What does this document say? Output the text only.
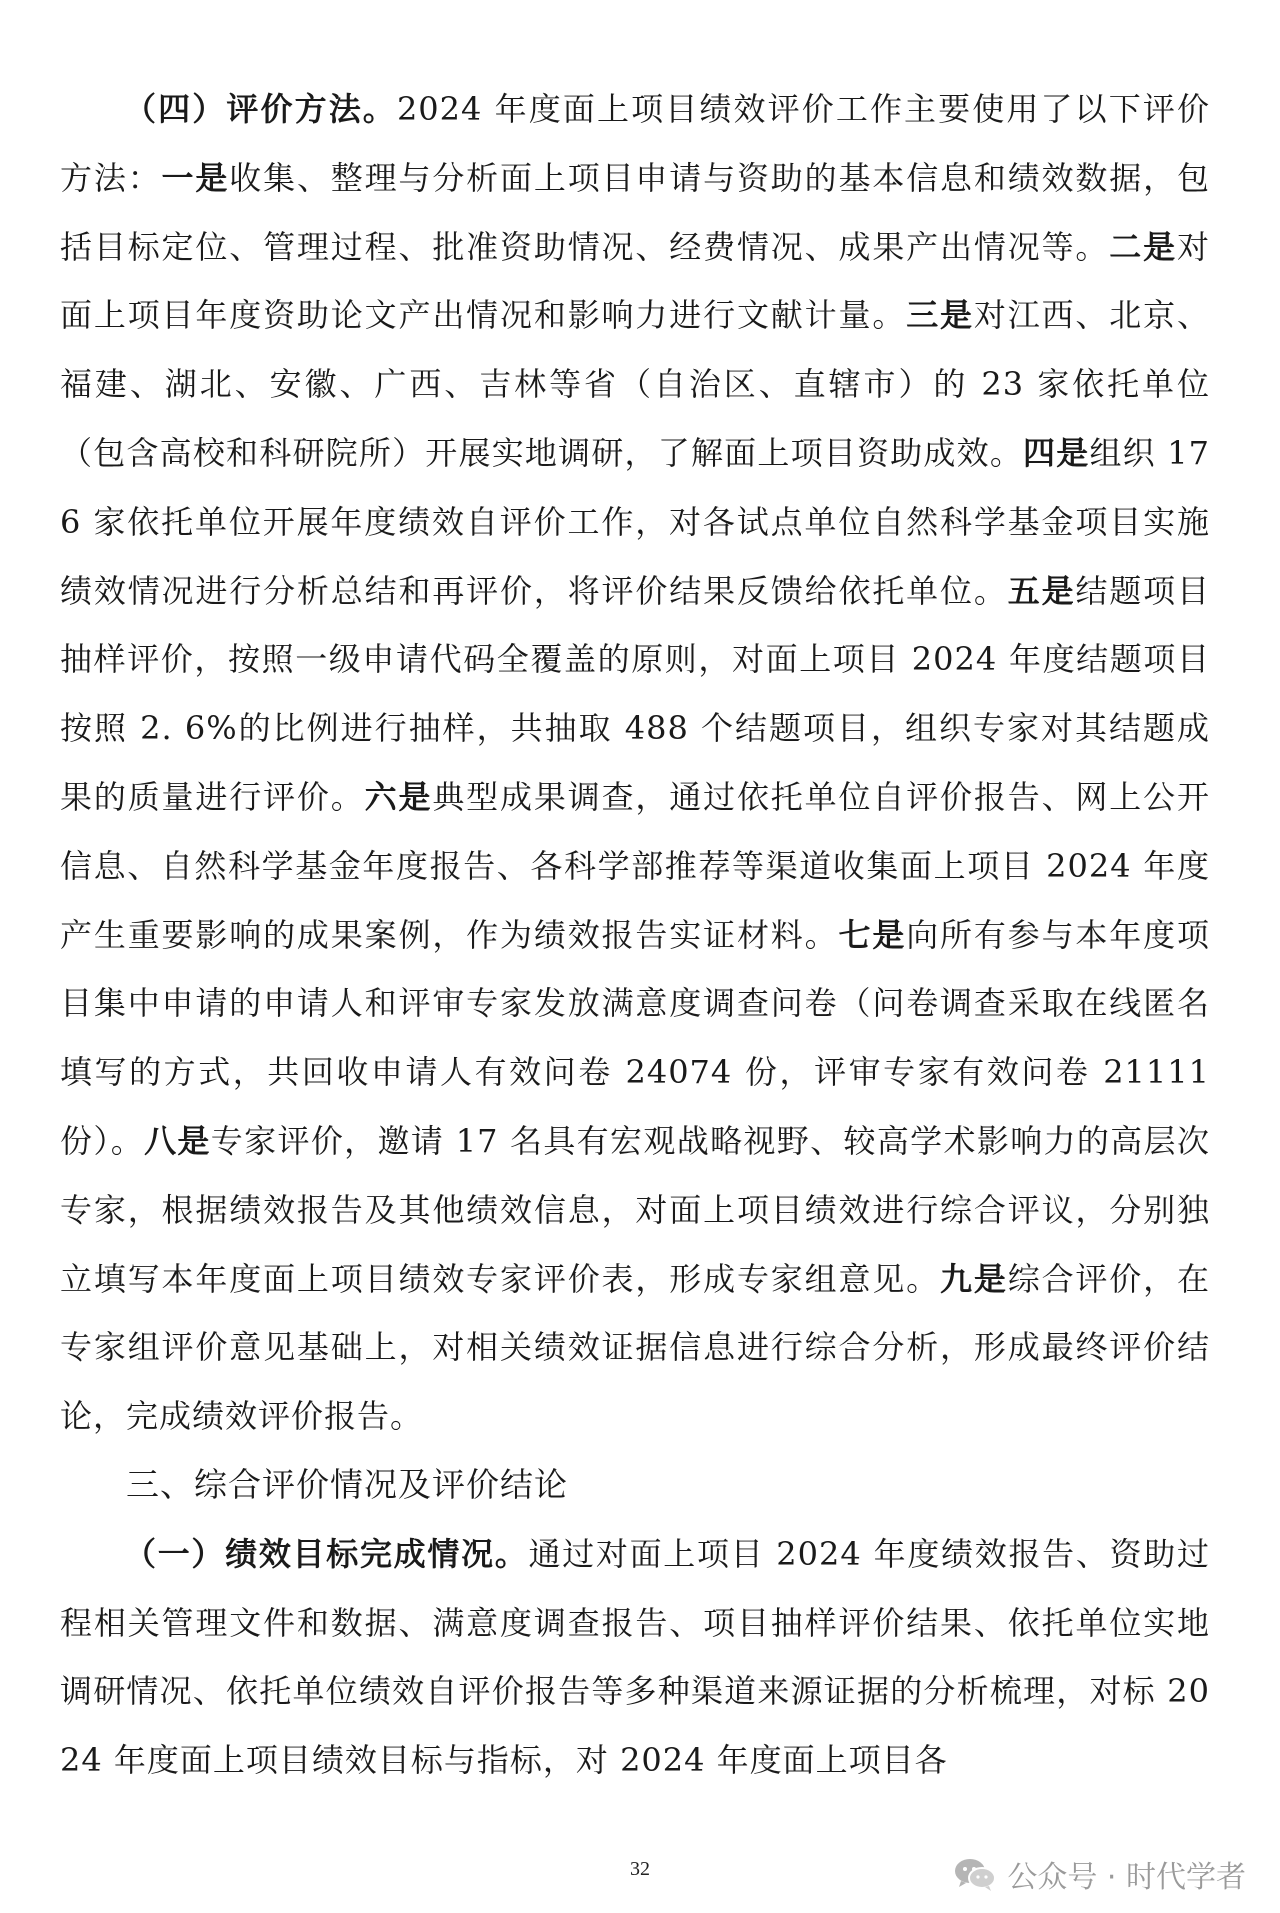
（四）评价方法。2024 年度面上项目绩效评价工作主要使用了以下评价方法：一是收集、整理与分析面上项目申请与资助的基本信息和绩效数据，包括目标定位、管理过程、批准资助情况、经费情况、成果产出情况等。二是对面上项目年度资助论文产出情况和影响力进行文献计量。三是对江西、北京、福建、湖北、安徽、广西、吉林等省（自治区、直辖市）的 23 家依托单位（包含高校和科研院所）开展实地调研，了解面上项目资助成效。四是组织 176 家依托单位开展年度绩效自评价工作，对各试点单位自然科学基金项目实施绩效情况进行分析总结和再评价，将评价结果反馈给依托单位。五是结题项目抽样评价，按照一级申请代码全覆盖的原则，对面上项目 2024 年度结题项目按照 2. 6%的比例进行抽样，共抽取 488 个结题项目，组织专家对其结题成果的质量进行评价。六是典型成果调查，通过依托单位自评价报告、网上公开信息、自然科学基金年度报告、各科学部推荐等渠道收集面上项目 2024 年度产生重要影响的成果案例，作为绩效报告实证材料。七是向所有参与本年度项目集中申请的申请人和评审专家发放满意度调查问卷（问卷调查采取在线匿名填写的方式，共回收申请人有效问卷 24074 份，评审专家有效问卷 21111 份）。八是专家评价，邀请 17 名具有宏观战略视野、较高学术影响力的高层次专家，根据绩效报告及其他绩效信息，对面上项目绩效进行综合评议，分别独立填写本年度面上项目绩效专家评价表，形成专家组意见。九是综合评价，在专家组评价意见基础上，对相关绩效证据信息进行综合分析，形成最终评价结论，完成绩效评价报告。

三、综合评价情况及评价结论

（一）绩效目标完成情况。通过对面上项目 2024 年度绩效报告、资助过程相关管理文件和数据、满意度调查报告、项目抽样评价结果、依托单位实地调研情况、依托单位绩效自评价报告等多种渠道来源证据的分析梳理，对标 2024 年度面上项目绩效目标与指标，对 2024 年度面上项目各

32	公众号 · 时代学者
